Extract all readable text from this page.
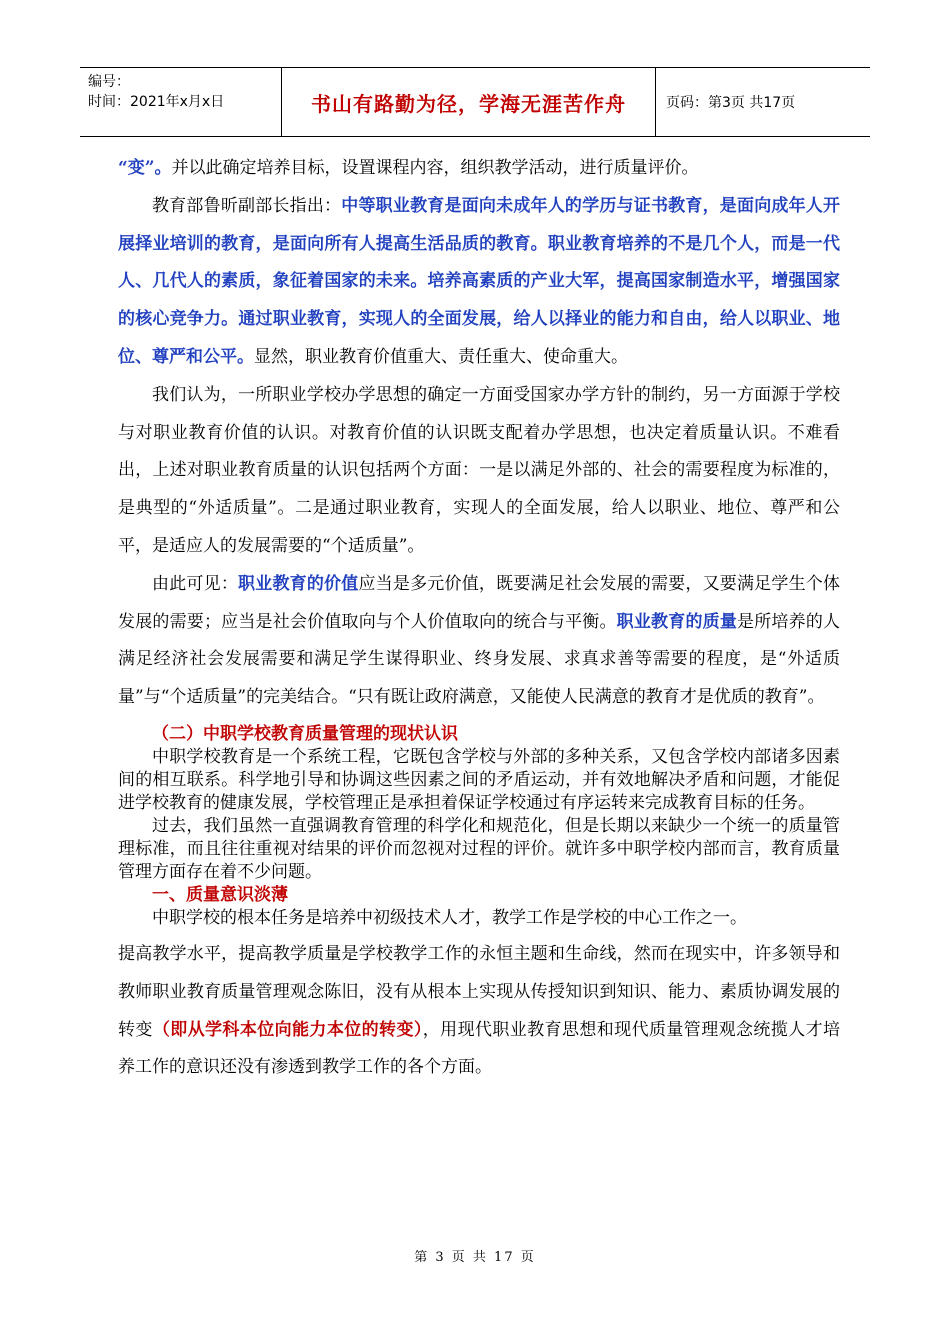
编号：
时间：2021年x月x日	书山有路勤为径，学海无涯苦作舟	页码：第3页 共17页

“变”。并以此确定培养目标，设置课程内容，组织教学活动，进行质量评价。

教育部鲁昕副部长指出：中等职业教育是面向未成年人的学历与证书教育，是面向成年人开展择业培训的教育，是面向所有人提高生活品质的教育。职业教育培养的不是几个人，而是一代人、几代人的素质，象征着国家的未来。培养高素质的产业大军，提高国家制造水平，增强国家的核心竞争力。通过职业教育，实现人的全面发展，给人以择业的能力和自由，给人以职业、地位、尊严和公平。显然，职业教育价值重大、责任重大、使命重大。

我们认为，一所职业学校办学思想的确定一方面受国家办学方针的制约，另一方面源于学校与对职业教育价值的认识。对教育价值的认识既支配着办学思想，也决定着质量认识。不难看出，上述对职业教育质量的认识包括两个方面：一是以满足外部的、社会的需要程度为标准的，是典型的“外适质量”。二是通过职业教育，实现人的全面发展，给人以职业、地位、尊严和公平，是适应人的发展需要的“个适质量”。

由此可见：职业教育的价值应当是多元价值，既要满足社会发展的需要，又要满足学生个体发展的需要；应当是社会价值取向与个人价值取向的统合与平衡。职业教育的质量是所培养的人满足经济社会发展需要和满足学生谋得职业、终身发展、求真求善等需要的程度，是“外适质量”与“个适质量”的完美结合。“只有既让政府满意，又能使人民满意的教育才是优质的教育”。

（二）中职学校教育质量管理的现状认识

中职学校教育是一个系统工程，它既包含学校与外部的多种关系，又包含学校内部诸多因素间的相互联系。科学地引导和协调这些因素之间的矛盾运动，并有效地解决矛盾和问题，才能促进学校教育的健康发展，学校管理正是承担着保证学校通过有序运转来完成教育目标的任务。

过去，我们虽然一直强调教育管理的科学化和规范化，但是长期以来缺少一个统一的质量管理标准，而且往往重视对结果的评价而忽视对过程的评价。就许多中职学校内部而言，教育质量管理方面存在着不少问题。

一、质量意识淡薄

中职学校的根本任务是培养中初级技术人才，教学工作是学校的中心工作之一。

提高教学水平，提高教学质量是学校教学工作的永恒主题和生命线，然而在现实中，许多领导和教师职业教育质量管理观念陈旧，没有从根本上实现从传授知识到知识、能力、素质协调发展的转变（即从学科本位向能力本位的转变），用现代职业教育思想和现代质量管理观念统揽人才培养工作的意识还没有渗透到教学工作的各个方面。

第 3 页 共 17 页
